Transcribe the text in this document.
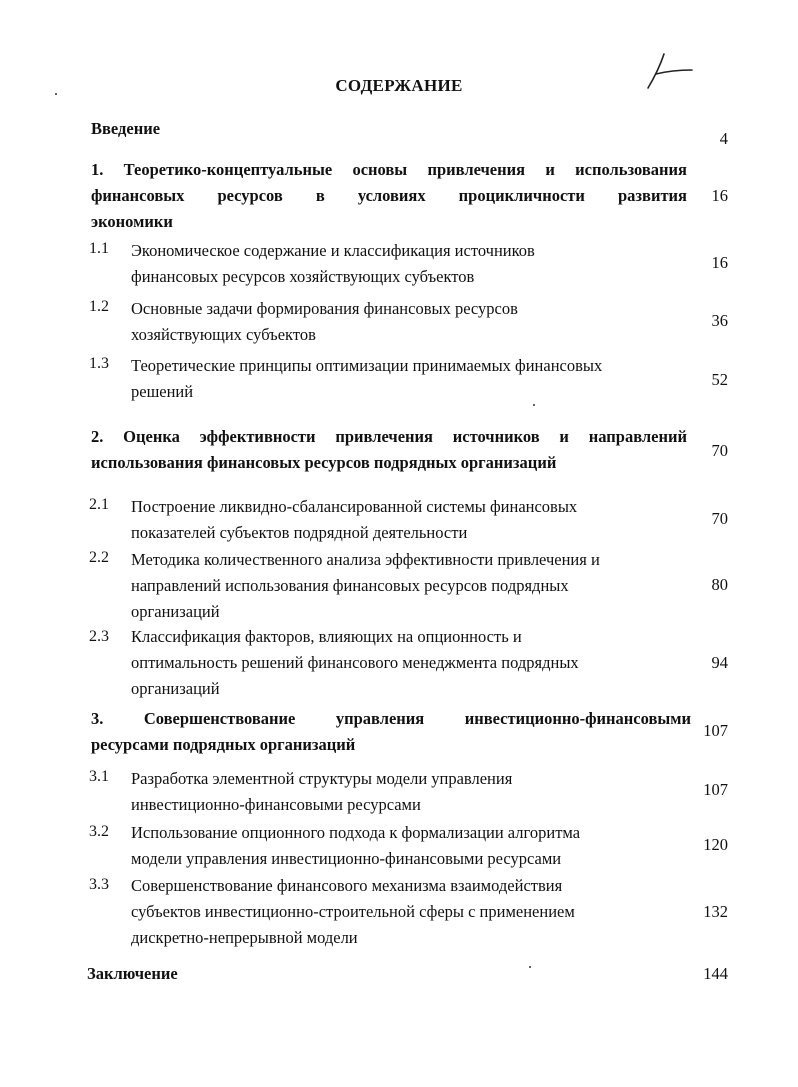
СОДЕРЖАНИЕ
Введение
4
1. Теоретико-концептуальные основы привлечения и использования
финансовых ресурсов в условиях процикличности развития
экономики
16
1.1 Экономическое содержание и классификация источников
финансовых ресурсов хозяйствующих субъектов
16
1.2 Основные задачи формирования финансовых ресурсов
хозяйствующих субъектов
36
1.3 Теоретические принципы оптимизации принимаемых финансовых
решений
52
2. Оценка эффективности привлечения источников и направлений
использования финансовых ресурсов подрядных организаций
70
2.1 Построение ликвидно-сбалансированной системы финансовых
показателей субъектов подрядной деятельности
70
2.2 Методика количественного анализа эффективности привлечения и
направлений использования финансовых ресурсов подрядных
организаций
80
2.3 Классификация факторов, влияющих на опционность и
оптимальность решений финансового менеджмента подрядных
организаций
94
3. Совершенствование управления инвестиционно-финансовыми
ресурсами подрядных организаций
107
3.1 Разработка элементной структуры модели управления
инвестиционно-финансовыми ресурсами
107
3.2 Использование опционного подхода к формализации алгоритма
модели управления инвестиционно-финансовыми ресурсами
120
3.3 Совершенствование финансового механизма взаимодействия
субъектов инвестиционно-строительной сферы с применением
дискретно-непрерывной модели
132
Заключение	144
